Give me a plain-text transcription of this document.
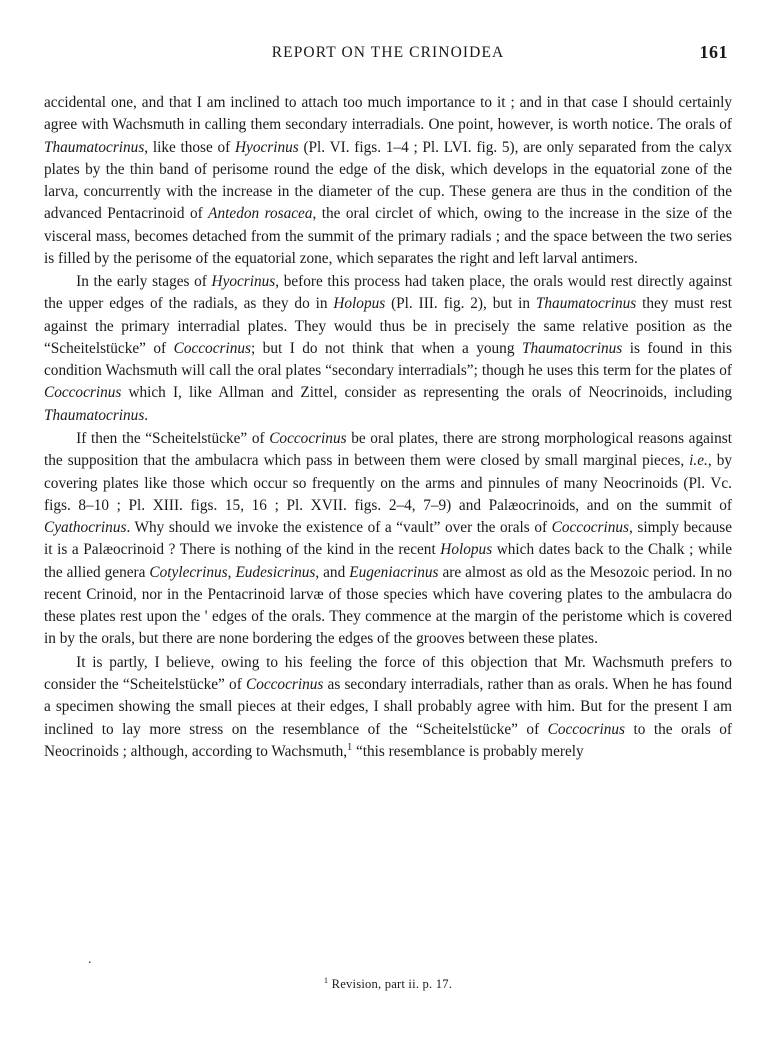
REPORT ON THE CRINOIDEA	161

accidental one, and that I am inclined to attach too much importance to it ; and in that case I should certainly agree with Wachsmuth in calling them secondary interradials. One point, however, is worth notice. The orals of Thaumatocrinus, like those of Hyocrinus (Pl. VI. figs. 1–4 ; Pl. LVI. fig. 5), are only separated from the calyx plates by the thin band of perisome round the edge of the disk, which develops in the equatorial zone of the larva, concurrently with the increase in the diameter of the cup. These genera are thus in the condition of the advanced Pentacrinoid of Antedon rosacea, the oral circlet of which, owing to the increase in the size of the visceral mass, becomes detached from the summit of the primary radials ; and the space between the two series is filled by the perisome of the equatorial zone, which separates the right and left larval antimers.

In the early stages of Hyocrinus, before this process had taken place, the orals would rest directly against the upper edges of the radials, as they do in Holopus (Pl. III. fig. 2), but in Thaumatocrinus they must rest against the primary interradial plates. They would thus be in precisely the same relative position as the “Scheitelstücke” of Coccocrinus; but I do not think that when a young Thaumatocrinus is found in this condition Wachsmuth will call the oral plates “secondary interradials”; though he uses this term for the plates of Coccocrinus which I, like Allman and Zittel, consider as representing the orals of Neocrinoids, including Thaumatocrinus.

If then the “Scheitelstücke” of Coccocrinus be oral plates, there are strong morphological reasons against the supposition that the ambulacra which pass in between them were closed by small marginal pieces, i.e., by covering plates like those which occur so frequently on the arms and pinnules of many Neocrinoids (Pl. Vc. figs. 8–10 ; Pl. XIII. figs. 15, 16 ; Pl. XVII. figs. 2–4, 7–9) and Palæocrinoids, and on the summit of Cyathocrinus. Why should we invoke the existence of a “vault” over the orals of Coccocrinus, simply because it is a Palæocrinoid ? There is nothing of the kind in the recent Holopus which dates back to the Chalk ; while the allied genera Cotylecrinus, Eudesicrinus, and Eugeniacrinus are almost as old as the Mesozoic period. In no recent Crinoid, nor in the Pentacrinoid larvæ of those species which have covering plates to the ambulacra do these plates rest upon the ' edges of the orals. They commence at the margin of the peristome which is covered in by the orals, but there are none bordering the edges of the grooves between these plates.

It is partly, I believe, owing to his feeling the force of this objection that Mr. Wachsmuth prefers to consider the “Scheitelstücke” of Coccocrinus as secondary interradials, rather than as orals. When he has found a specimen showing the small pieces at their edges, I shall probably agree with him. But for the present I am inclined to lay more stress on the resemblance of the “Scheitelstücke” of Coccocrinus to the orals of Neocrinoids ; although, according to Wachsmuth,$^1$ “this resemblance is probably merely

.
$^1$ Revision, part ii. p. 17.
